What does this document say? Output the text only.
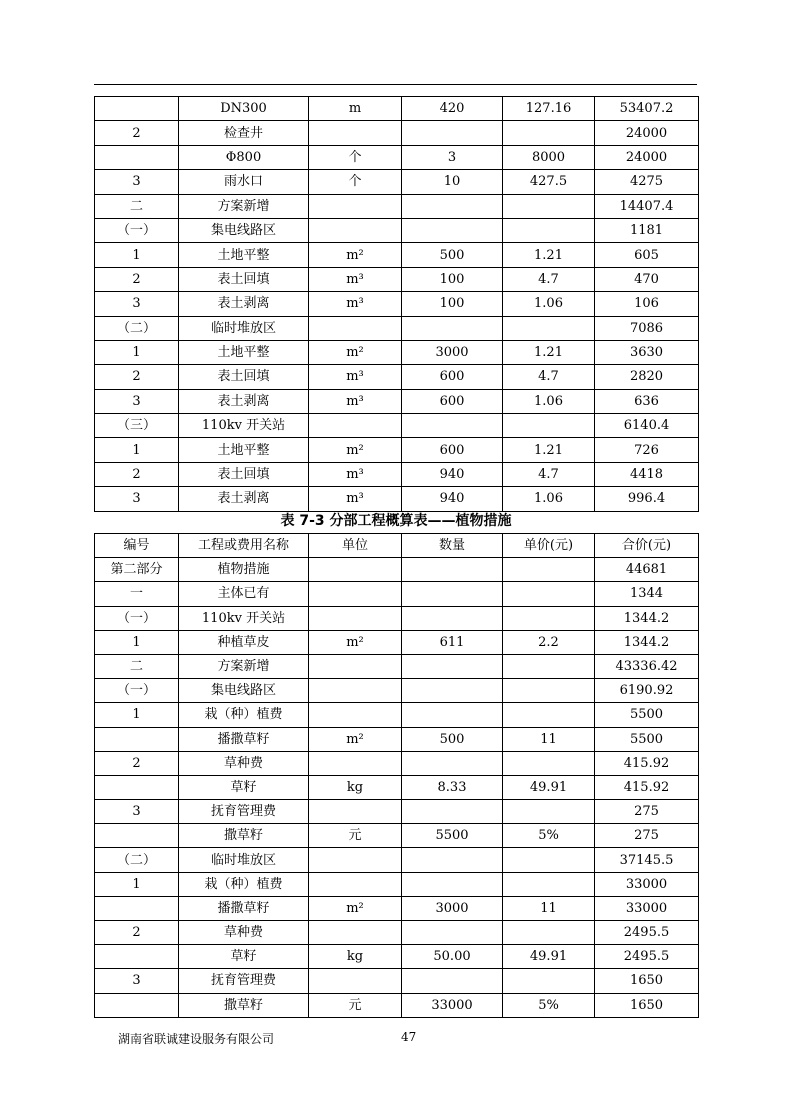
	DN300	m	420	127.16	53407.2
2	检查井				24000
	Φ800	个	3	8000	24000
3	雨水口	个	10	427.5	4275
二	方案新增				14407.4
（一）	集电线路区				1181
1	土地平整	m²	500	1.21	605
2	表土回填	m³	100	4.7	470
3	表土剥离	m³	100	1.06	106
（二）	临时堆放区				7086
1	土地平整	m²	3000	1.21	3630
2	表土回填	m³	600	4.7	2820
3	表土剥离	m³	600	1.06	636
（三）	110kv 开关站				6140.4
1	土地平整	m²	600	1.21	726
2	表土回填	m³	940	4.7	4418
3	表土剥离	m³	940	1.06	996.4
表 7-3 分部工程概算表——植物措施
编号	工程或费用名称	单位	数量	单价(元)	合价(元)
第二部分	植物措施				44681
一	主体已有				1344
（一）	110kv 开关站				1344.2
1	种植草皮	m²	611	2.2	1344.2
二	方案新增				43336.42
（一）	集电线路区				6190.92
1	栽（种）植费				5500
	播撒草籽	m²	500	11	5500
2	草种费				415.92
	草籽	kg	8.33	49.91	415.92
3	抚育管理费				275
	撒草籽	元	5500	5%	275
（二）	临时堆放区				37145.5
1	栽（种）植费				33000
	播撒草籽	m²	3000	11	33000
2	草种费				2495.5
	草籽	kg	50.00	49.91	2495.5
3	抚育管理费				1650
	撒草籽	元	33000	5%	1650
湖南省联诚建设服务有限公司	47
